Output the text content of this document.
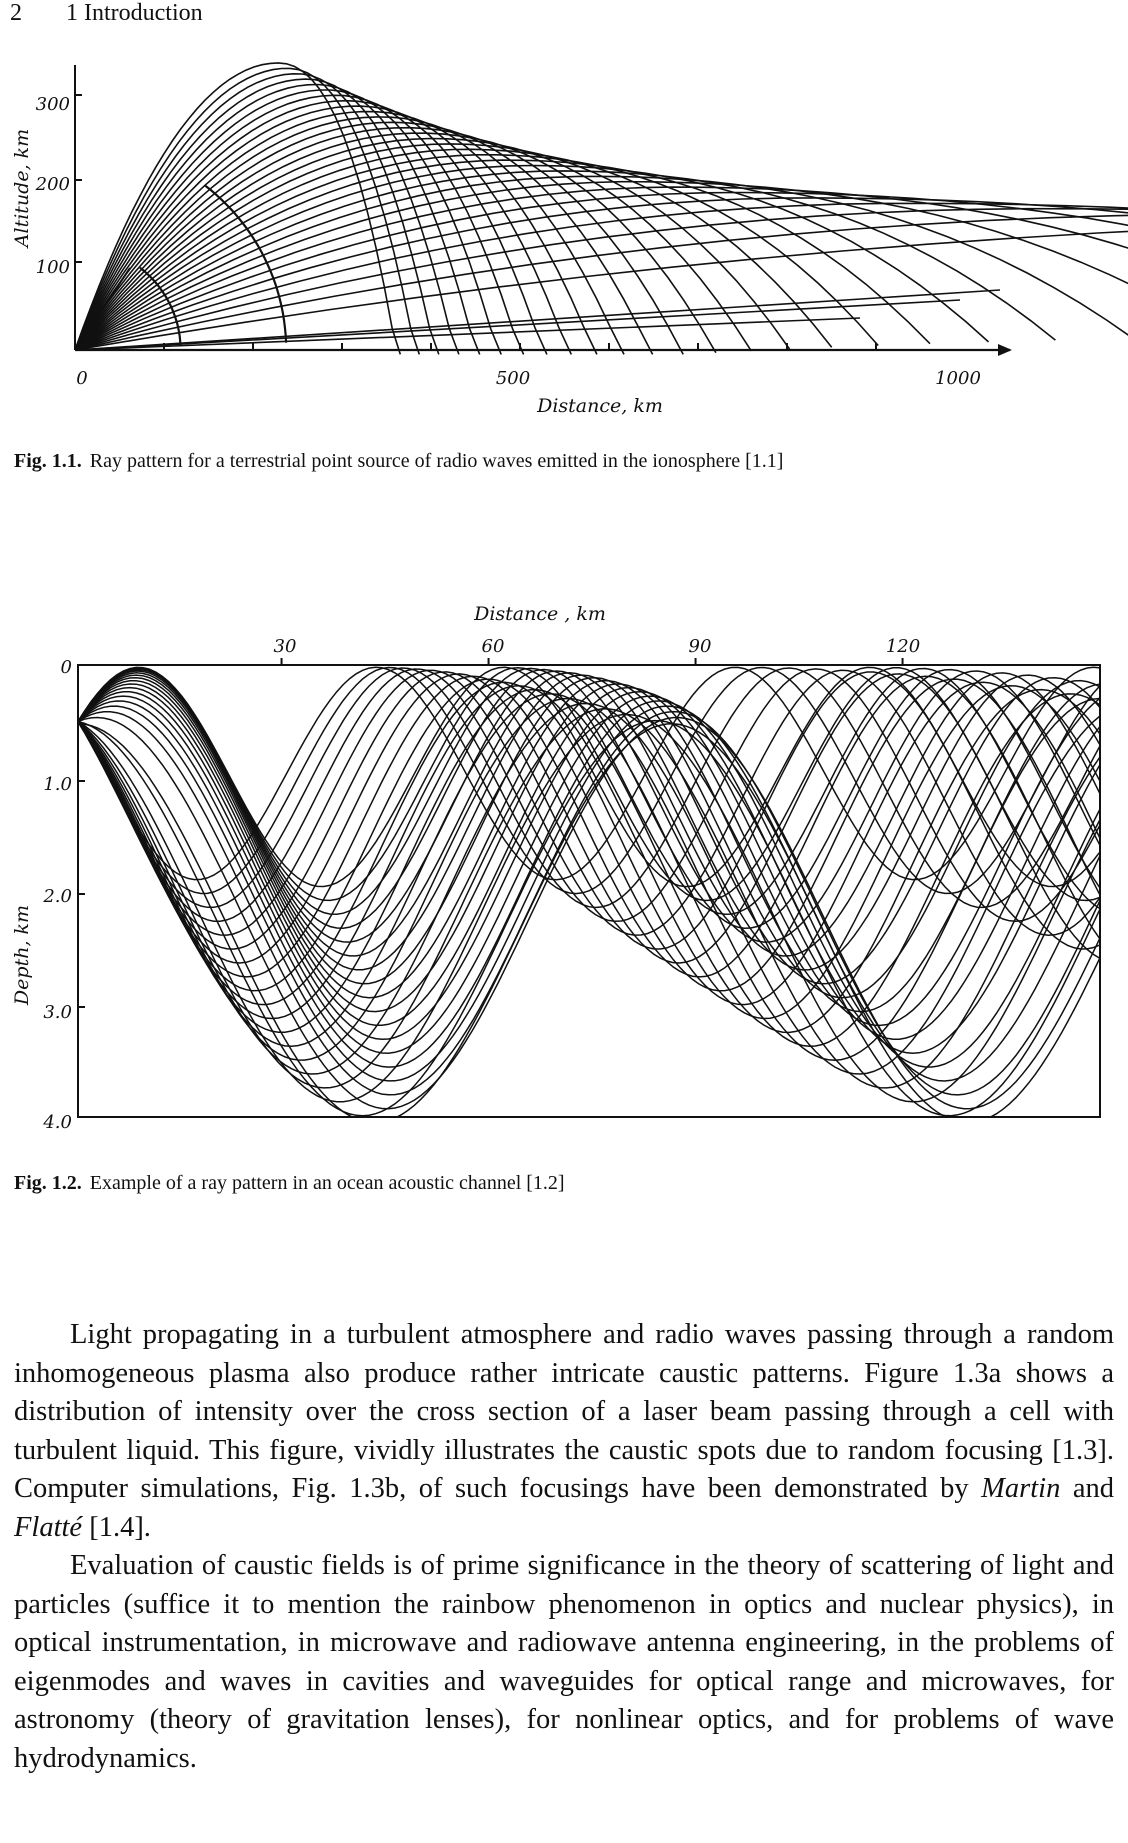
2 1 Introduction
300
200
100
0	500	1000
Distance, km
Altitude, km
Fig. 1.1. Ray pattern for a terrestrial point source of radio waves emitted in the ionosphere [1.1]
Distance , km
30	60	90	120
0
1.0
2.0
3.0
4.0
Depth, km
Fig. 1.2. Example of a ray pattern in an ocean acoustic channel [1.2]

Light propagating in a turbulent atmosphere and radio waves passing through a random inhomogeneous plasma also produce rather intricate caustic patterns. Figure 1.3a shows a distribution of intensity over the cross section of a laser beam passing through a cell with turbulent liquid. This figure, vividly illustrates the caustic spots due to random focusing [1.3]. Computer simulations, Fig. 1.3b, of such focusings have been demonstrated by Martin and Flatté [1.4].

Evaluation of caustic fields is of prime significance in the theory of scattering of light and particles (suffice it to mention the rainbow phenomenon in optics and nuclear physics), in optical instrumentation, in microwave and radiowave antenna engineering, in the problems of eigenmodes and waves in cavities and waveguides for optical range and microwaves, for astronomy (theory of gravitation lenses), for nonlinear optics, and for problems of wave hydrodynamics.
